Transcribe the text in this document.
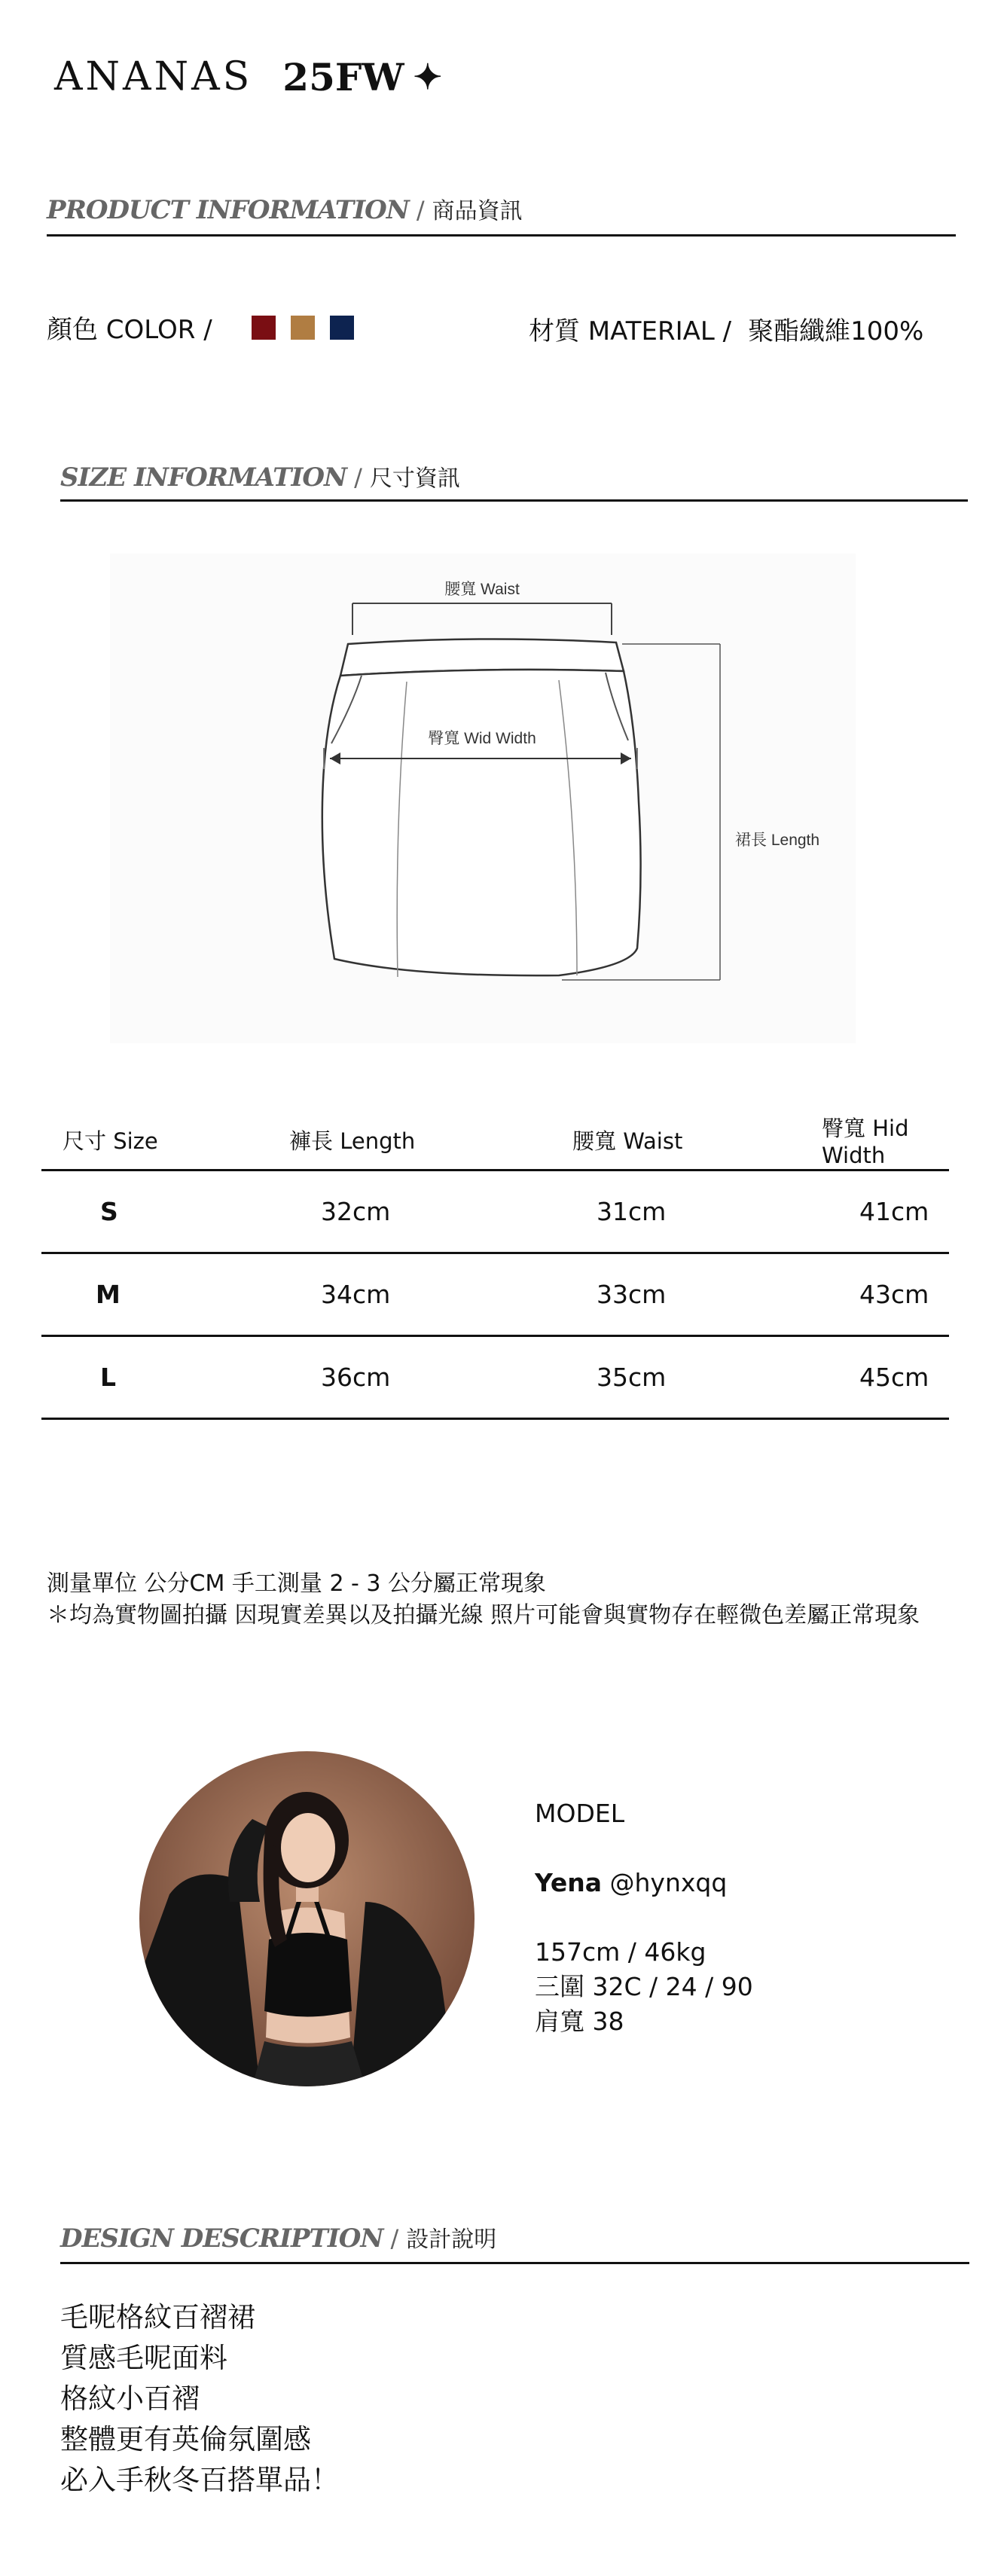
ANANAS 25FW ✦
PRODUCT INFORMATION / 商品資訊
顏色 COLOR /	材質 MATERIAL / 聚酯纖維100%
SIZE INFORMATION / 尺寸資訊
腰寬 Waist
臀寬 Wid Width
裙長 Length
尺寸 Size	褲長 Length	腰寬 Waist	臀寬 Hid Width
S	32cm	31cm	41cm
M	34cm	33cm	43cm
L	36cm	35cm	45cm
測量單位 公分CM 手工測量 2 - 3 公分屬正常現象
＊均為實物圖拍攝 因現實差異以及拍攝光線 照片可能會與實物存在輕微色差屬正常現象
MODEL
Yena @hynxqq
157cm / 46kg
三圍 32C / 24 / 90
肩寬 38
DESIGN DESCRIPTION / 設計說明
毛呢格紋百褶裙
質感毛呢面料
格紋小百褶
整體更有英倫氛圍感
必入手秋冬百搭單品！
